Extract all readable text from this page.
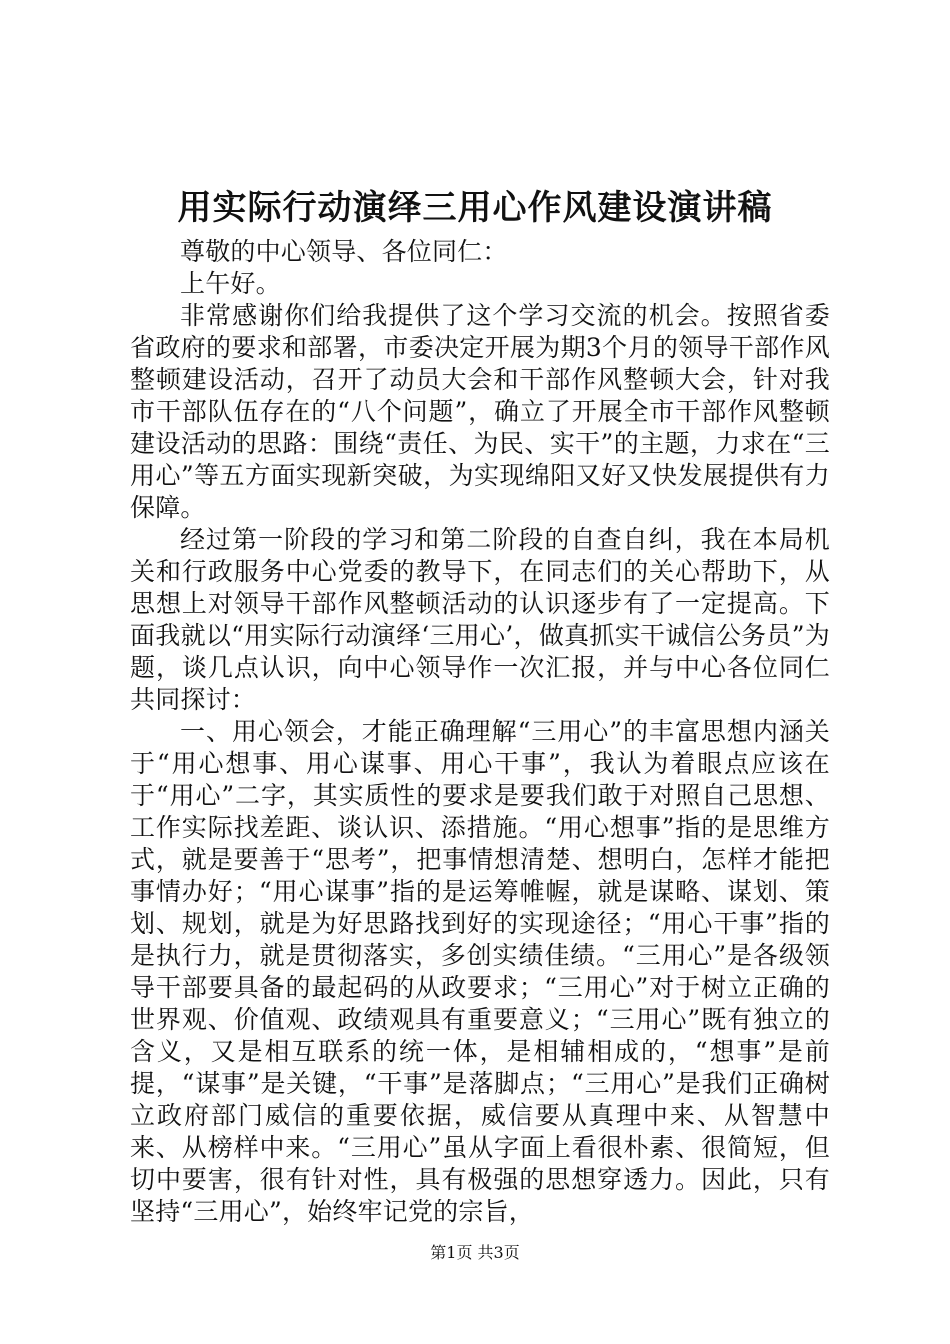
用实际行动演绎三用心作风建设演讲稿

尊敬的中心领导、各位同仁：

上午好。

非常感谢你们给我提供了这个学习交流的机会。按照省委省政府的要求和部署，市委决定开展为期3个月的领导干部作风整顿建设活动，召开了动员大会和干部作风整顿大会，针对我市干部队伍存在的“八个问题”，确立了开展全市干部作风整顿建设活动的思路：围绕“责任、为民、实干”的主题，力求在“三用心”等五方面实现新突破，为实现绵阳又好又快发展提供有力保障。

经过第一阶段的学习和第二阶段的自查自纠，我在本局机关和行政服务中心党委的教导下，在同志们的关心帮助下，从思想上对领导干部作风整顿活动的认识逐步有了一定提高。下面我就以“用实际行动演绎‘三用心’，做真抓实干诚信公务员”为题，谈几点认识，向中心领导作一次汇报，并与中心各位同仁共同探讨：

一、用心领会，才能正确理解“三用心”的丰富思想内涵关于“用心想事、用心谋事、用心干事”，我认为着眼点应该在于“用心”二字，其实质性的要求是要我们敢于对照自己思想、工作实际找差距、谈认识、添措施。“用心想事”指的是思维方式，就是要善于“思考”，把事情想清楚、想明白，怎样才能把事情办好；“用心谋事”指的是运筹帷幄，就是谋略、谋划、策划、规划，就是为好思路找到好的实现途径；“用心干事”指的是执行力，就是贯彻落实，多创实绩佳绩。“三用心”是各级领导干部要具备的最起码的从政要求；“三用心”对于树立正确的世界观、价值观、政绩观具有重要意义；“三用心”既有独立的含义，又是相互联系的统一体，是相辅相成的，“想事”是前提，“谋事”是关键，“干事”是落脚点；“三用心”是我们正确树立政府部门威信的重要依据，威信要从真理中来、从智慧中来、从榜样中来。“三用心”虽从字面上看很朴素、很简短，但切中要害，很有针对性，具有极强的思想穿透力。因此，只有坚持“三用心”，始终牢记党的宗旨，

第1页 共3页
